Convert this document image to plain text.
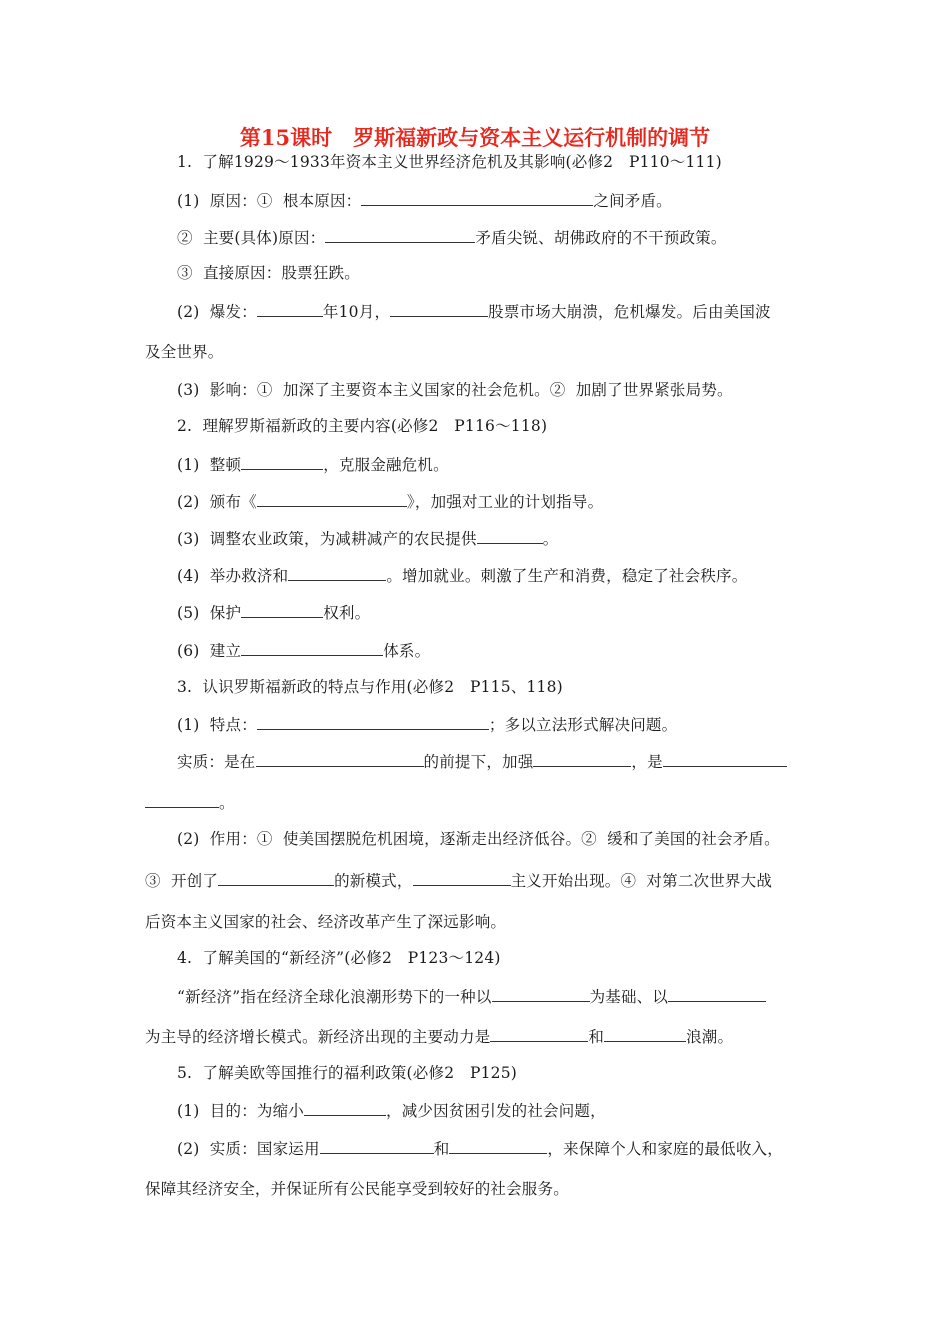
第15课时　罗斯福新政与资本主义运行机制的调节
1.  了解1929～1933年资本主义世界经济危机及其影响(必修2　P110～111)
(1)  原因：①  根本原因：	之间矛盾。
②  主要(具体)原因：	矛盾尖锐、胡佛政府的不干预政策。
③  直接原因：股票狂跌。
(2)  爆发：	年10月，	股票市场大崩溃，危机爆发。后由美国波
及全世界。
(3)  影响：①  加深了主要资本主义国家的社会危机。②  加剧了世界紧张局势。
2.  理解罗斯福新政的主要内容(必修2　P116～118)
(1)  整顿	，克服金融危机。
(2)  颁布《	》，加强对工业的计划指导。
(3)  调整农业政策，为减耕减产的农民提供	。
(4)  举办救济和	。增加就业。刺激了生产和消费，稳定了社会秩序。
(5)  保护	权利。
(6)  建立	体系。
3.  认识罗斯福新政的特点与作用(必修2　P115、118)
(1)  特点：	；多以立法形式解决问题。
实质：是在	的前提下，加强	，是
。
(2)  作用：①  使美国摆脱危机困境，逐渐走出经济低谷。②  缓和了美国的社会矛盾。
③  开创了	的新模式，	主义开始出现。④  对第二次世界大战
后资本主义国家的社会、经济改革产生了深远影响。
4.  了解美国的“新经济”(必修2　P123～124)
“新经济”指在经济全球化浪潮形势下的一种以	为基础、以
为主导的经济增长模式。新经济出现的主要动力是	和	浪潮。
5.  了解美欧等国推行的福利政策(必修2　P125)
(1)  目的：为缩小	，减少因贫困引发的社会问题，
(2)  实质：国家运用	和	，来保障个人和家庭的最低收入，
保障其经济安全，并保证所有公民能享受到较好的社会服务。
